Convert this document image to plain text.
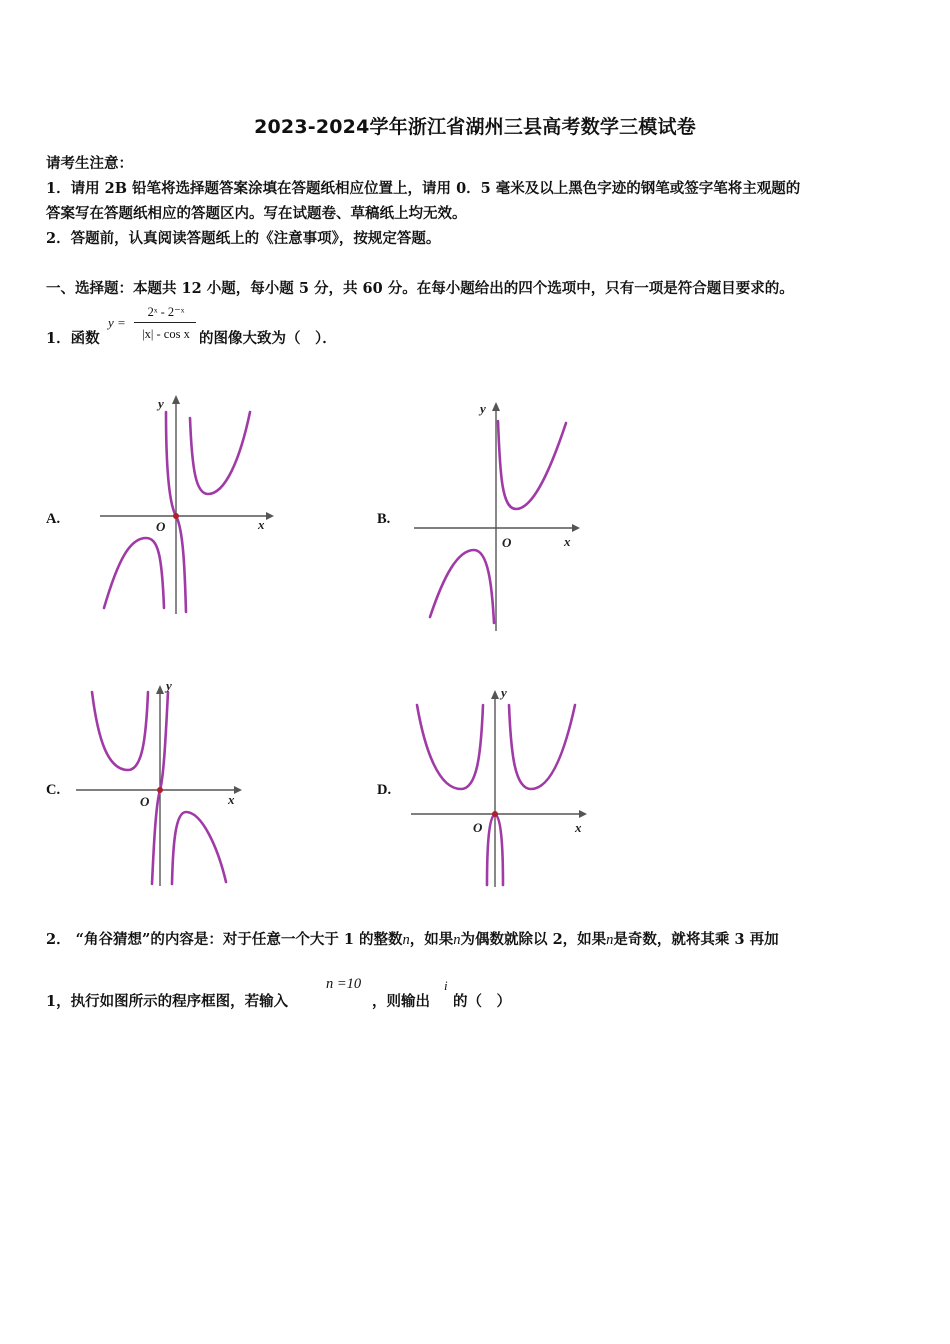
2023-2024学年浙江省湖州三县高考数学三模试卷
请考生注意：
1．请用 2B 铅笔将选择题答案涂填在答题纸相应位置上，请用 0．5 毫米及以上黑色字迹的钢笔或签字笔将主观题的
答案写在答题纸相应的答题区内。写在试题卷、草稿纸上均无效。
2．答题前，认真阅读答题纸上的《注意事项》，按规定答题。
一、选择题：本题共 12 小题，每小题 5 分，共 60 分。在每小题给出的四个选项中，只有一项是符合题目要求的。
1．函数
y =
2ˣ - 2⁻ˣ
|x| - cos x 的图像大致为（　）．
A.	B.
C.	D.
x
y
O
x
y
O
x
y
O
x
y
O
2． “角谷猜想”的内容是：对于任意一个大于 1 的整数n，如果n为偶数就除以 2，如果n是奇数，就将其乘 3 再加
1，执行如图所示的程序框图，若输入
n =10
，则输出
i
的（　）
